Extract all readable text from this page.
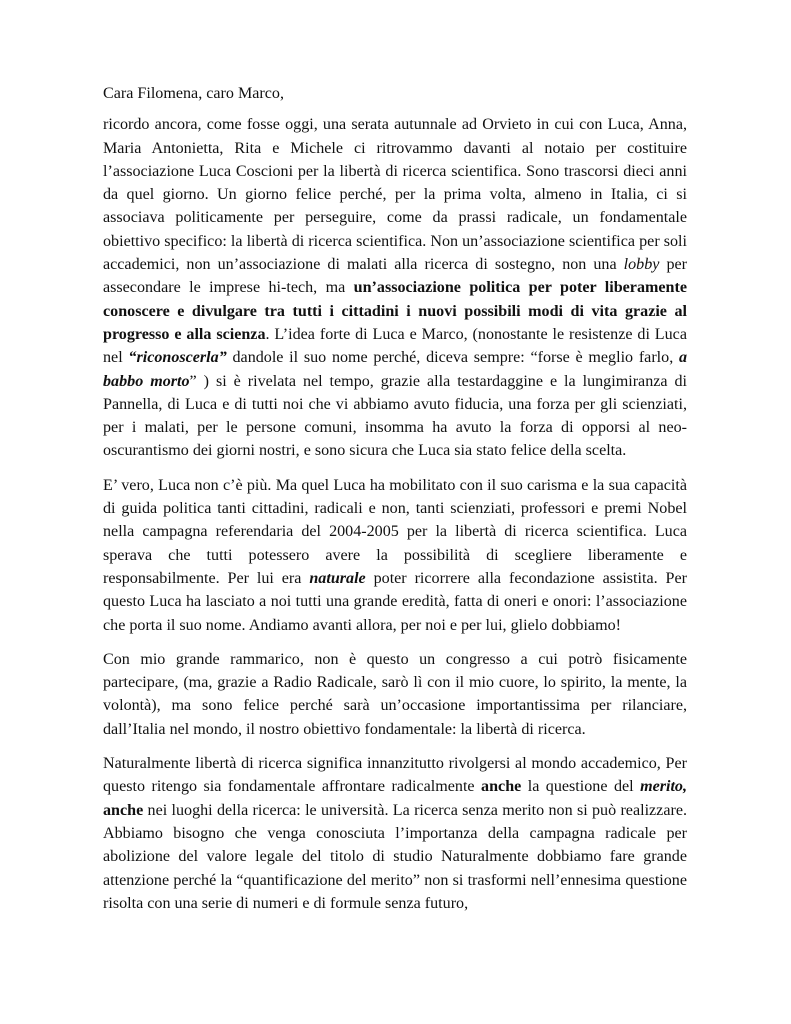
Cara Filomena, caro Marco,

ricordo ancora, come fosse oggi, una serata autunnale ad Orvieto in cui con Luca, Anna, Maria Antonietta, Rita e Michele ci ritrovammo davanti al notaio per costituire l’associazione Luca Coscioni per la libertà di ricerca scientifica. Sono trascorsi dieci anni da quel giorno. Un giorno felice perché, per la prima volta, almeno in Italia, ci si associava politicamente per perseguire, come da prassi radicale, un fondamentale obiettivo specifico: la libertà di ricerca scientifica. Non un’associazione scientifica per soli accademici, non un’associazione di malati alla ricerca di sostegno, non una lobby per assecondare le imprese hi-tech, ma un’associazione politica per poter liberamente conoscere e divulgare tra tutti i cittadini i nuovi possibili modi di vita grazie al progresso e alla scienza. L’idea forte di Luca e Marco, (nonostante le resistenze di Luca nel “riconoscerla” dandole il suo nome perché, diceva sempre: “forse è meglio farlo, a babbo morto” ) si è rivelata nel tempo, grazie alla testardaggine e la lungimiranza di Pannella, di Luca e di tutti noi che vi abbiamo avuto fiducia, una forza per gli scienziati, per i malati, per le persone comuni, insomma ha avuto la forza di opporsi al neo-oscurantismo dei giorni nostri, e sono sicura che Luca sia stato felice della scelta.

E’ vero, Luca non c’è più. Ma quel Luca ha mobilitato con il suo carisma e la sua capacità di guida politica tanti cittadini, radicali e non, tanti scienziati, professori e premi Nobel nella campagna referendaria del 2004-2005 per la libertà di ricerca scientifica. Luca sperava che tutti potessero avere la possibilità di scegliere liberamente e responsabilmente. Per lui era naturale poter ricorrere alla fecondazione assistita. Per questo Luca ha lasciato a noi tutti una grande eredità, fatta di oneri e onori: l’associazione che porta il suo nome. Andiamo avanti allora, per noi e per lui, glielo dobbiamo!

Con mio grande rammarico, non è questo un congresso a cui potrò fisicamente partecipare, (ma, grazie a Radio Radicale, sarò lì con il mio cuore, lo spirito, la mente, la volontà), ma sono felice perché sarà un’occasione importantissima per rilanciare, dall’Italia nel mondo, il nostro obiettivo fondamentale: la libertà di ricerca.

Naturalmente libertà di ricerca significa innanzitutto rivolgersi al mondo accademico, Per questo ritengo sia fondamentale affrontare radicalmente anche la questione del merito, anche nei luoghi della ricerca: le università. La ricerca senza merito non si può realizzare. Abbiamo bisogno che venga conosciuta l’importanza della campagna radicale per abolizione del valore legale del titolo di studio Naturalmente dobbiamo fare grande attenzione perché la “quantificazione del merito” non si trasformi nell’ennesima questione risolta con una serie di numeri e di formule senza futuro,
